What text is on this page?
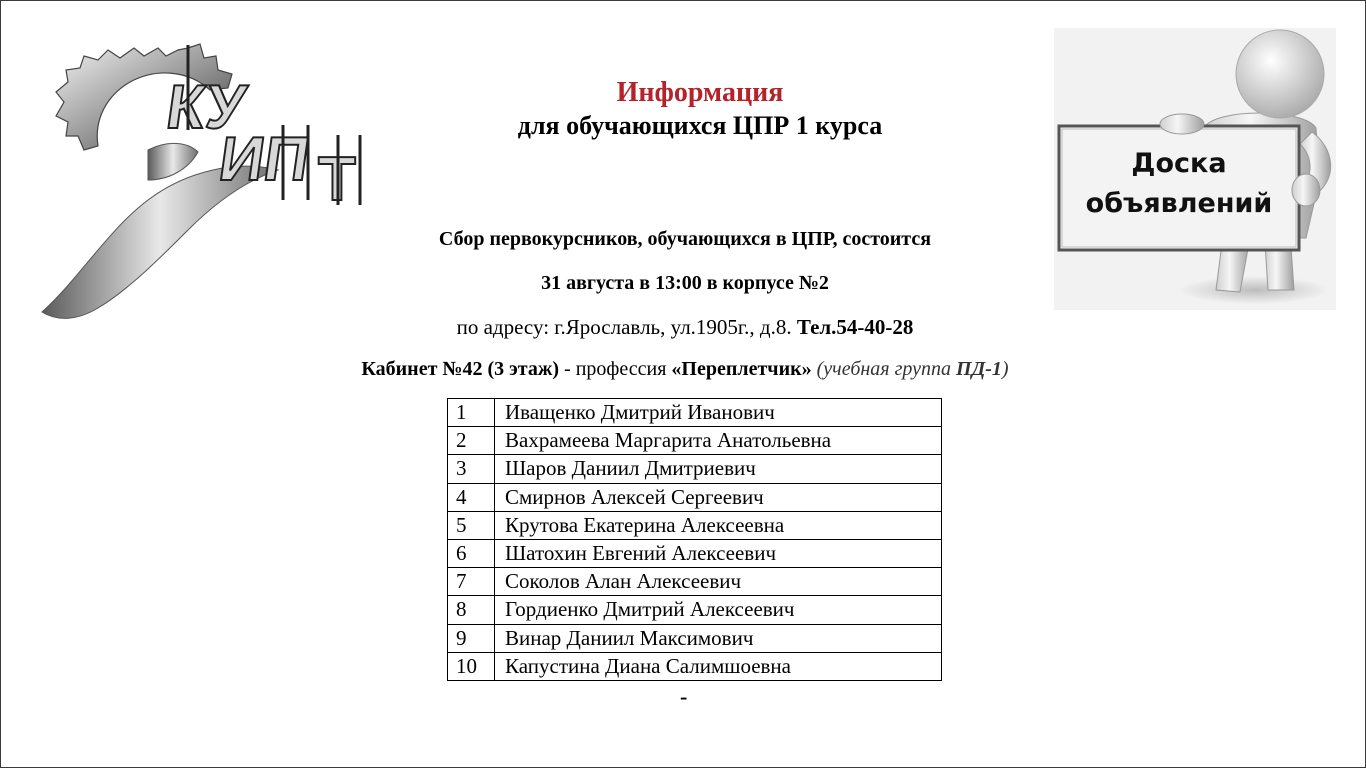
КУ
ИП Т
Информация
для обучающихся ЦПР 1 курса
Доска
объявлений
Сбор первокурсников, обучающихся в ЦПР, состоится
31 августа в 13:00 в корпусе №2
по адресу: г.Ярославль, ул.1905г., д.8. Тел.54-40-28
Кабинет №42 (3 этаж) - профессия «Переплетчик» (учебная группа ПД-1)
1	Иващенко Дмитрий Иванович
2	Вахрамеева Маргарита Анатольевна
3	Шаров Даниил Дмитриевич
4	Смирнов Алексей Сергеевич
5	Крутова Екатерина Алексеевна
6	Шатохин Евгений Алексеевич
7	Соколов Алан Алексеевич
8	Гордиенко Дмитрий Алексеевич
9	Винар Даниил Максимович
10	Капустина Диана Салимшоевна
-
